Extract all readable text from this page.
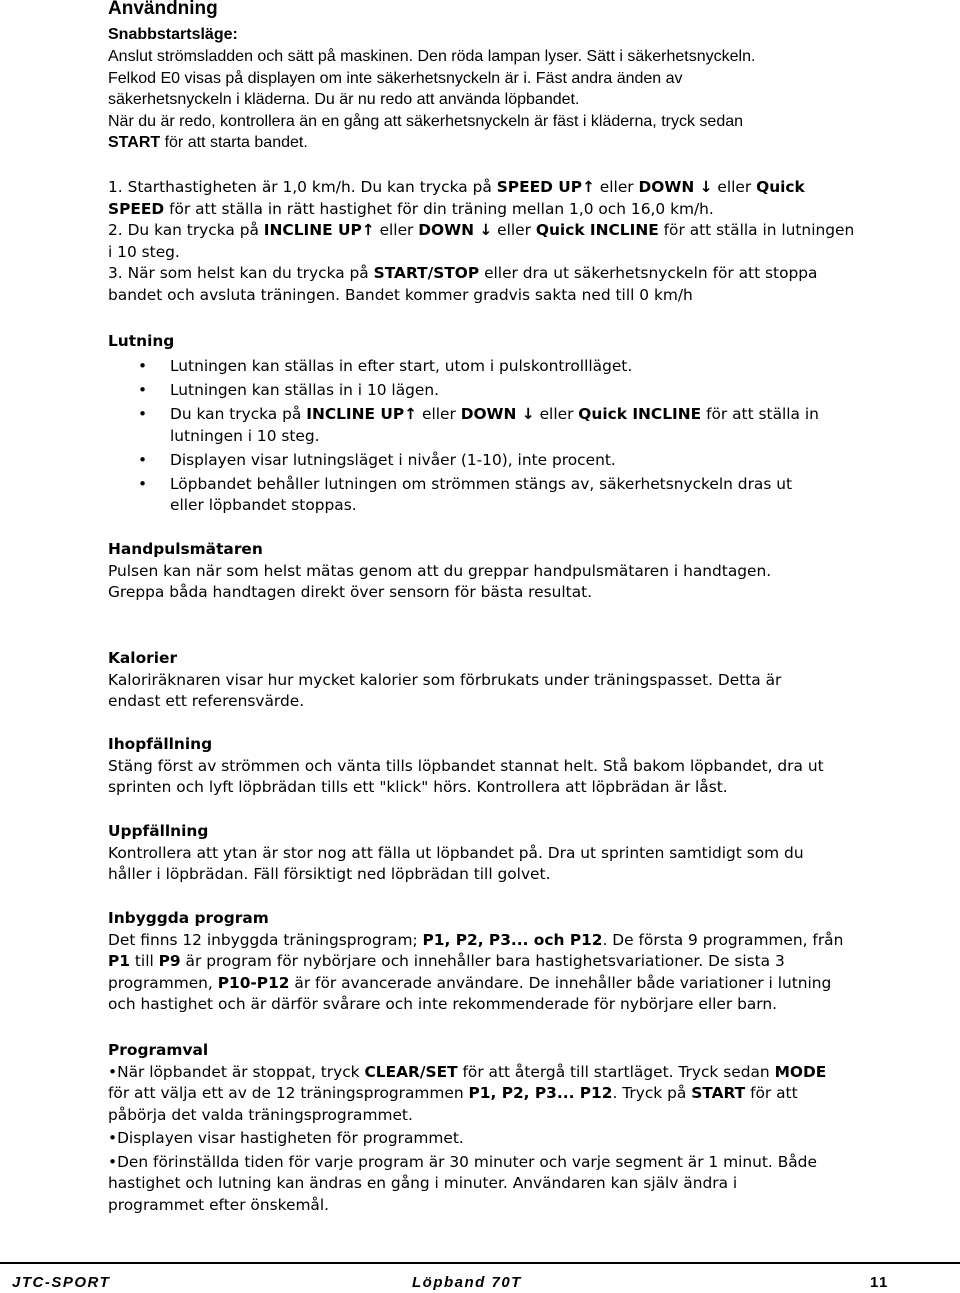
Användning
Snabbstartsläge:
Anslut strömsladden och sätt på maskinen. Den röda lampan lyser. Sätt i säkerhetsnyckeln.
Felkod E0 visas på displayen om inte säkerhetsnyckeln är i. Fäst andra änden av
säkerhetsnyckeln i kläderna. Du är nu redo att använda löpbandet.
När du är redo, kontrollera än en gång att säkerhetsnyckeln är fäst i kläderna, tryck sedan
START för att starta bandet.
1. Starthastigheten är 1,0 km/h. Du kan trycka på SPEED UP↑ eller DOWN ↓ eller Quick
SPEED för att ställa in rätt hastighet för din träning mellan 1,0 och 16,0 km/h.
2. Du kan trycka på INCLINE UP↑ eller DOWN ↓ eller Quick INCLINE för att ställa in lutningen
i 10 steg.
3. När som helst kan du trycka på START/STOP eller dra ut säkerhetsnyckeln för att stoppa
bandet och avsluta träningen. Bandet kommer gradvis sakta ned till 0 km/h
Lutning
• Lutningen kan ställas in efter start, utom i pulskontrollläget.
• Lutningen kan ställas in i 10 lägen.
• Du kan trycka på INCLINE UP↑ eller DOWN ↓ eller Quick INCLINE för att ställa in
lutningen i 10 steg.
• Displayen visar lutningsläget i nivåer (1-10), inte procent.
• Löpbandet behåller lutningen om strömmen stängs av, säkerhetsnyckeln dras ut
eller löpbandet stoppas.
Handpulsmätaren
Pulsen kan när som helst mätas genom att du greppar handpulsmätaren i handtagen.
Greppa båda handtagen direkt över sensorn för bästa resultat.
Kalorier
Kaloriräknaren visar hur mycket kalorier som förbrukats under träningspasset. Detta är
endast ett referensvärde.
Ihopfällning
Stäng först av strömmen och vänta tills löpbandet stannat helt. Stå bakom löpbandet, dra ut
sprinten och lyft löpbrädan tills ett "klick" hörs. Kontrollera att löpbrädan är låst.
Uppfällning
Kontrollera att ytan är stor nog att fälla ut löpbandet på. Dra ut sprinten samtidigt som du
håller i löpbrädan. Fäll försiktigt ned löpbrädan till golvet.
Inbyggda program
Det finns 12 inbyggda träningsprogram; P1, P2, P3... och P12. De första 9 programmen, från
P1 till P9 är program för nybörjare och innehåller bara hastighetsvariationer. De sista 3
programmen, P10-P12 är för avancerade användare. De innehåller både variationer i lutning
och hastighet och är därför svårare och inte rekommenderade för nybörjare eller barn.
Programval
•När löpbandet är stoppat, tryck CLEAR/SET för att återgå till startläget. Tryck sedan MODE
för att välja ett av de 12 träningsprogrammen P1, P2, P3... P12. Tryck på START för att
påbörja det valda träningsprogrammet.
•Displayen visar hastigheten för programmet.
•Den förinställda tiden för varje program är 30 minuter och varje segment är 1 minut. Både
hastighet och lutning kan ändras en gång i minuter. Användaren kan själv ändra i
programmet efter önskemål.
JTC-SPORT	Löpband 70T	11
